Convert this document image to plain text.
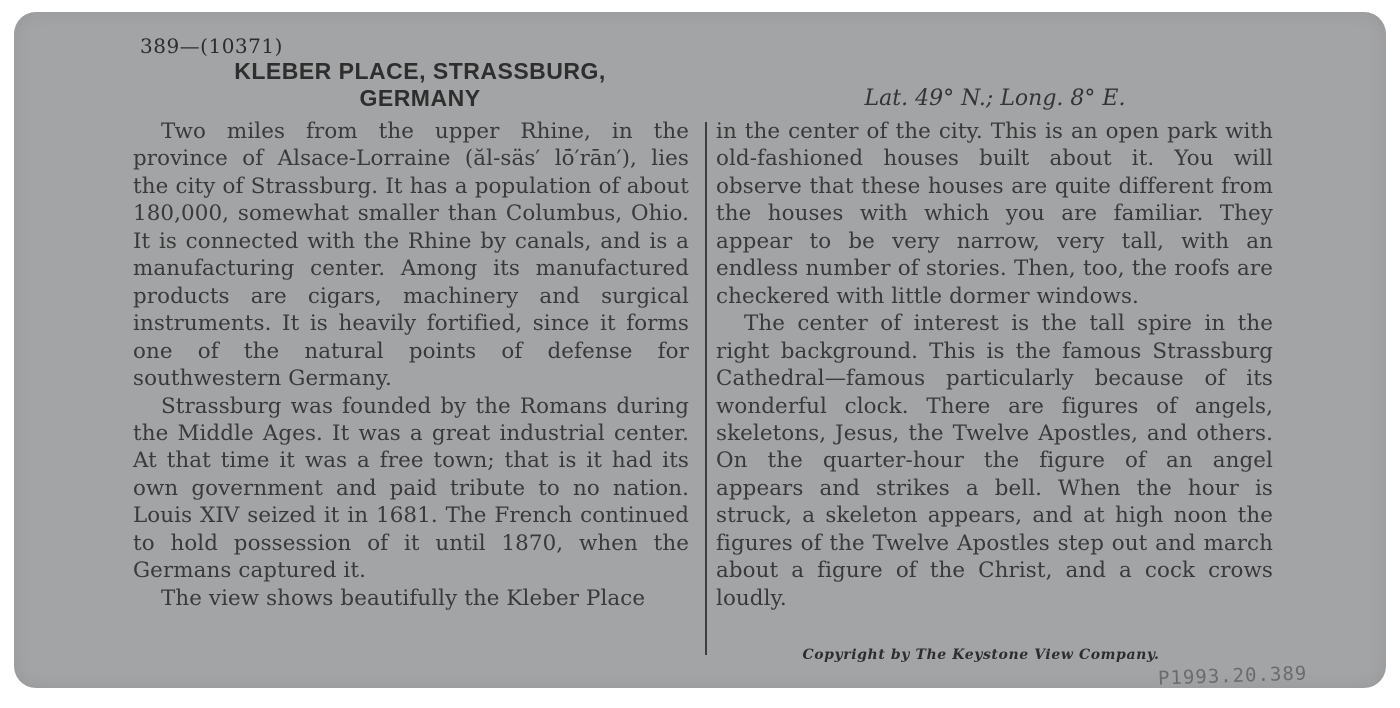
389—(10371)
KLEBER PLACE, STRASSBURG,
GERMANY	Lat. 49° N.; Long. 8° E.

Two miles from the upper Rhine, in the province of Alsace-Lorraine (ăl-säs′ lō̇′rān′), lies the city of Strassburg. It has a population of about 180,000, somewhat smaller than Columbus, Ohio. It is connected with the Rhine by canals, and is a manufacturing center. Among its manufactured products are cigars, machinery and surgical instruments. It is heavily fortified, since it forms one of the natural points of defense for southwestern Germany.

Strassburg was founded by the Romans during the Middle Ages. It was a great industrial center. At that time it was a free town; that is it had its own government and paid tribute to no nation. Louis XIV seized it in 1681. The French continued to hold possession of it until 1870, when the Germans captured it.

The view shows beautifully the Kleber Place

in the center of the city. This is an open park with old-fashioned houses built about it. You will observe that these houses are quite different from the houses with which you are familiar. They appear to be very narrow, very tall, with an endless number of stories. Then, too, the roofs are checkered with little dormer windows.

The center of interest is the tall spire in the right background. This is the famous Strassburg Cathedral—famous particularly because of its wonderful clock. There are figures of angels, skeletons, Jesus, the Twelve Apostles, and others. On the quarter-hour the figure of an angel appears and strikes a bell. When the hour is struck, a skeleton appears, and at high noon the figures of the Twelve Apostles step out and march about a figure of the Christ, and a cock crows loudly.

Copyright by The Keystone View Company.
P1993.20.389
